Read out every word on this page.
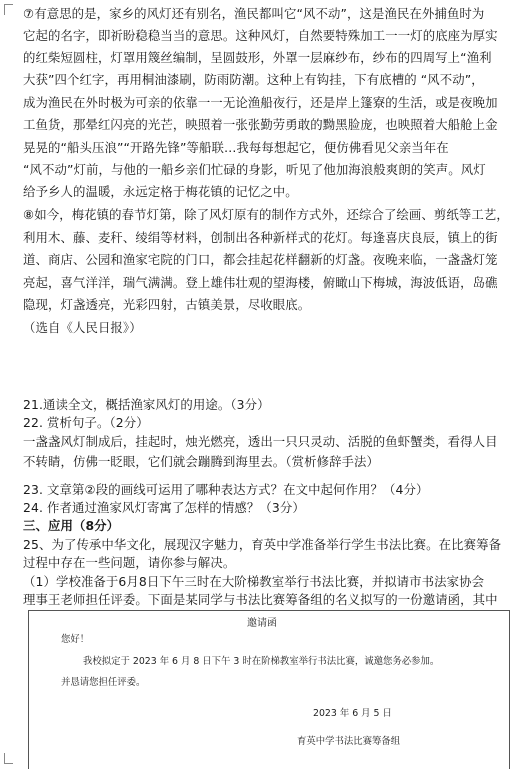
⑦有意思的是，家乡的风灯还有别名，渔民都叫它“风不动”，这是渔民在外捕鱼时为
它起的名字，即祈盼稳稳当当的意思。这种风灯，自然要特殊加工一一灯的底座为厚实
的红柴短圆柱，灯罩用篾丝编制，呈圆鼓形，外罩一层麻纱布，纱布的四周写上“渔利
大获”四个红字，再用桐油漆刷，防雨防潮。这种上有钩挂，下有底槽的 “风不动”，
成为渔民在外时极为可亲的依靠一一无论渔船夜行，还是岸上篷寮的生活，或是夜晚加
工鱼货，那晕红闪亮的光芒，映照着一张张勤劳勇敢的黝黑脸庞，也映照着大船舱上金
晃晃的“船头压浪”“开路先锋”等船联…我每每想起它，便仿佛看见父亲当年在
“风不动”灯前，与他的一船乡亲们忙碌的身影，听见了他加海浪般爽朗的笑声。风灯
给予乡人的温暖，永远定格于梅花镇的记忆之中。
⑧如今，梅花镇的春节灯第，除了风灯原有的制作方式外，还综合了绘画、剪纸等工艺，
利用木、藤、麦秆、绫绢等材料，创制出各种新样式的花灯。每逢喜庆良辰，镇上的街
道、商店、公园和渔家宅院的门口，都会挂起花样翻新的灯盏。夜晚来临，一盏盏灯笼
亮起，喜气洋洋，瑞气满满。登上雄伟壮观的望海楼，俯瞰山下梅城，海波低语，岛礁
隐现，灯盏透亮，光彩四射，古镇美景，尽收眼底。
（选自《人民日报》）
21.通读全文，概括渔家风灯的用途。（3分）
22. 赏析句子。（2分）
一盏盏风灯制成后，挂起时，烛光燃亮，透出一只只灵动、活脱的鱼虾蟹类，看得人目
不转睛，仿佛一眨眼，它们就会蹦腾到海里去。（赏析修辞手法）
23. 文章第②段的画线可运用了哪种表达方式？在文中起何作用？（4分）
24. 作者通过渔家风灯寄寓了怎样的情感？（3分）
三、应用（8分）
25、为了传承中华文化，展现汉字魅力，育英中学准备举行学生书法比赛。在比赛筹备
过程中存在一些问题，请你参与解决。
（1）学校准备于6月8日下午三时在大阶梯教室举行书法比赛，并拟请市书法家协会
理事王老师担任评委。下面是某同学与书法比赛筹备组的名义拟写的一份邀请函，其中
邀请函
您好！
我校拟定于 2023 年 6 月 8 日下午 3 时在阶梯教室举行书法比赛，诚邀您务必参加。
并恳请您担任评委。
2023 年 6 月 5 日
育英中学书法比赛筹备组
